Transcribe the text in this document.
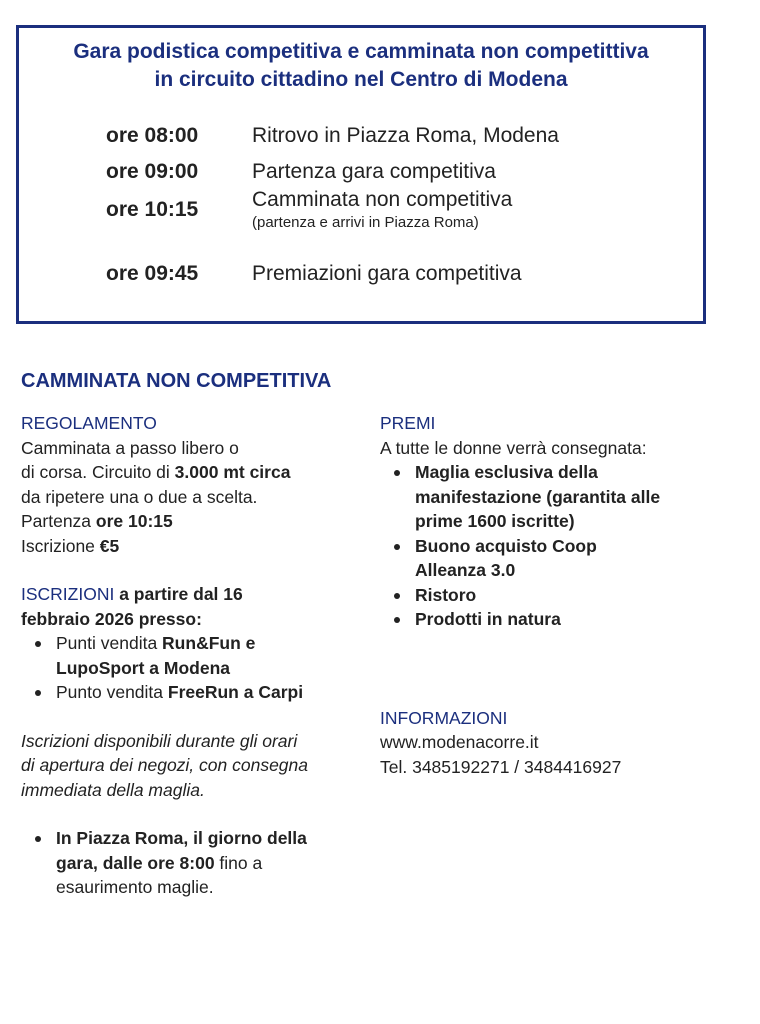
Gara podistica competitiva e camminata non competittiva
in circuito cittadino nel Centro di Modena
ore 08:00	Ritrovo in Piazza Roma, Modena
ore 09:00	Partenza gara competitiva
ore 10:15	Camminata non competitiva
(partenza e arrivi in Piazza Roma)
ore 09:45	Premiazioni gara competitiva
CAMMINATA NON COMPETITIVA

REGOLAMENTO

Camminata a passo libero o

di corsa. Circuito di 3.000 mt circa

da ripetere una o due a scelta.

Partenza ore 10:15

Iscrizione €5

ISCRIZIONI a partire dal 16

febbraio 2026 presso:

Punti vendita Run&Fun e
LupoSport a Modena
Punto vendita FreeRun a Carpi

Iscrizioni disponibili durante gli orari

di apertura dei negozi, con consegna

immediata della maglia.

In Piazza Roma, il giorno della
gara, dalle ore 8:00 fino a
esaurimento maglie.

PREMI

A tutte le donne verrà consegnata:

Maglia esclusiva della
manifestazione (garantita alle
prime 1600 iscritte)
Buono acquisto Coop
Alleanza 3.0
Ristoro
Prodotti in natura

INFORMAZIONI

www.modenacorre.it

Tel. 3485192271 / 3484416927
